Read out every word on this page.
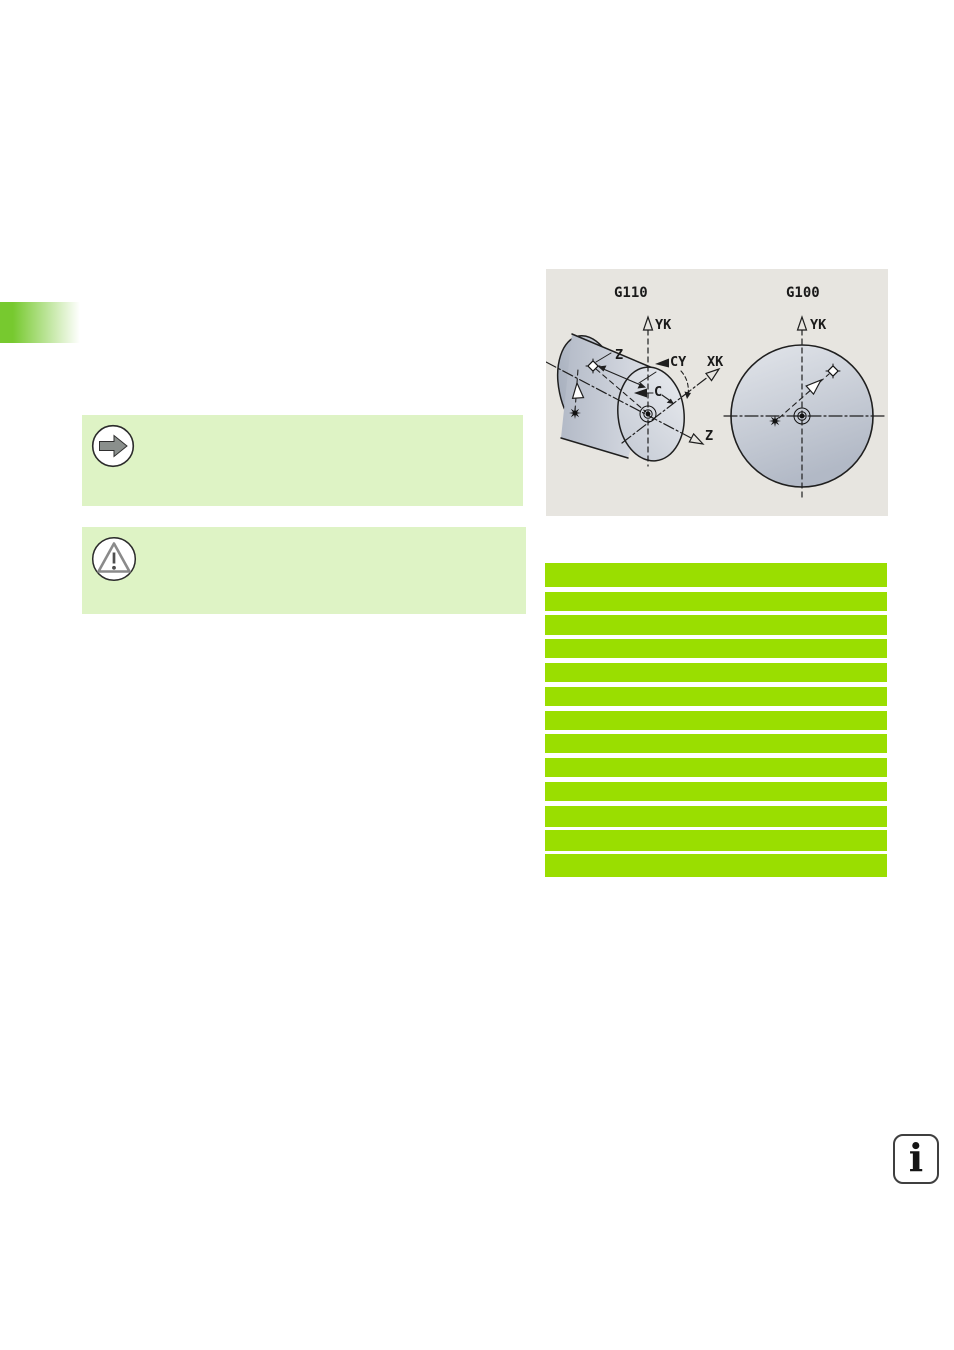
G110
Z
XK
YK
CY
C
Z
G100
YK
i
